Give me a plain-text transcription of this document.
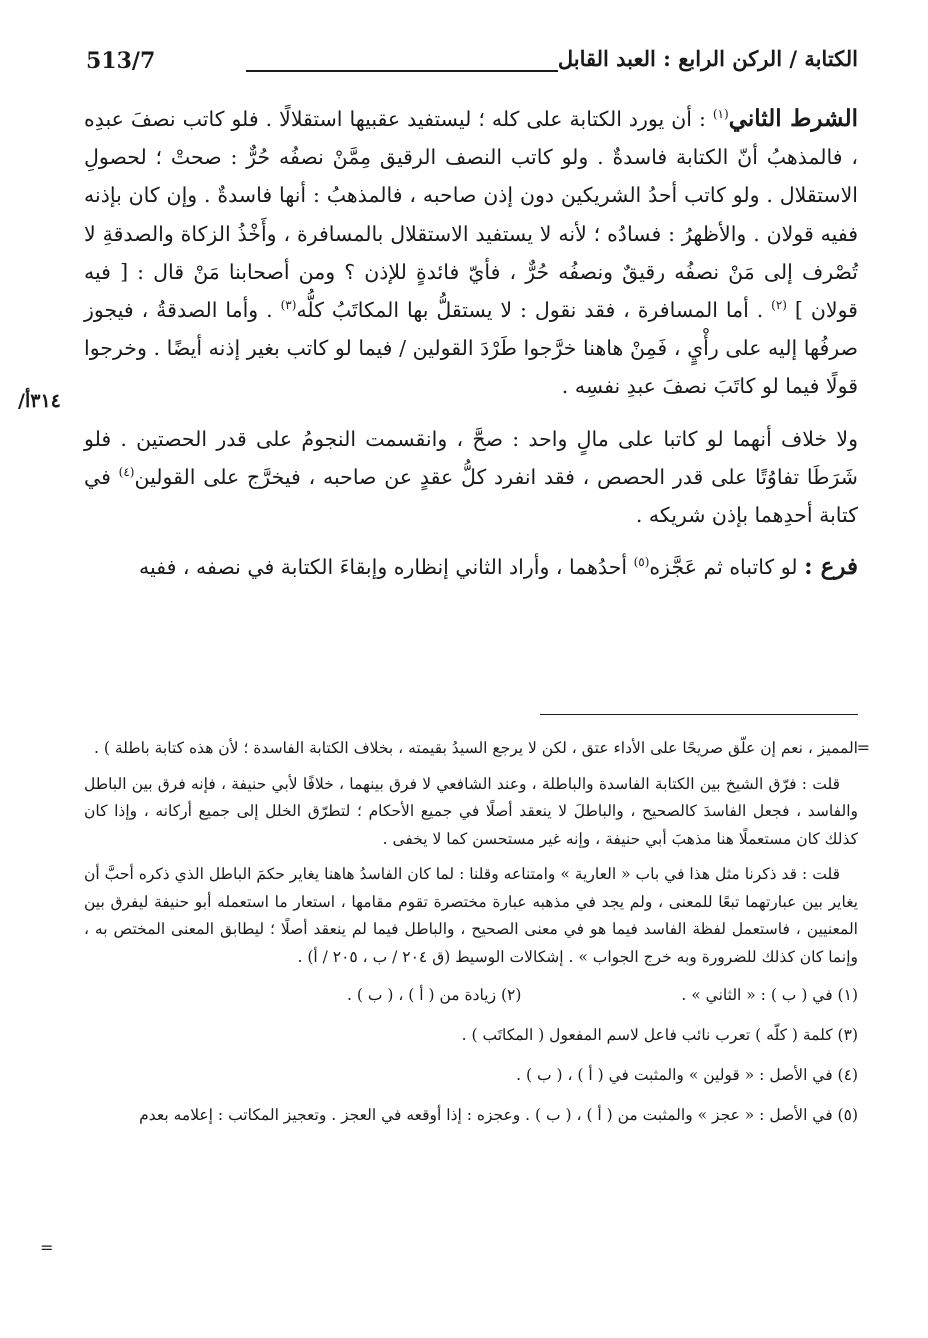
513/7	الكتابة / الركن الرابع : العبد القابل
/٣١٤أ

الشرط الثاني$^{(١)}$ : أن يورد الكتابة على كله ؛ ليستفيد عقبيها استقلالًا . فلو كاتب نصفَ عبدِه ، فالمذهبُ أنّ الكتابة فاسدةٌ . ولو كاتب النصف الرقيق مِمَّنْ نصفُه حُرٌّ : صحتْ ؛ لحصولِ الاستقلال . ولو كاتب أحدُ الشريكين دون إذن صاحبه ، فالمذهبُ : أنها فاسدةٌ . وإن كان بإذنه ففيه قولان . والأظهرُ : فسادُه ؛ لأنه لا يستفيد الاستقلال بالمسافرة ، وأَخْذُ الزكاة والصدقةِ لا تُصْرف إلى مَنْ نصفُه رقيقٌ ونصفُه حُرٌّ ، فأيّ فائدةٍ للإذن ؟ ومن أصحابنا مَنْ قال : [ فيه قولان ] $^{(٢)}$ . أما المسافرة ، فقد نقول : لا يستقلُّ بها المكاتَبُ كلُّه$^{(٣)}$ . وأما الصدقةُ ، فيجوز صرفُها إليه على رأْيٍ ، فَمِنْ هاهنا خرَّجوا طَرْدَ القولين / فيما لو كاتب بغير إذنه أيضًا . وخرجوا قولًا فيما لو كاتَبَ نصفَ عبدِ نفسِه .

ولا خلاف أنهما لو كاتبا على مالٍ واحد : صحَّ ، وانقسمت النجومُ على قدر الحصتين . فلو شَرَطَا تفاوُتًا على قدر الحصص ، فقد انفرد كلُّ عقدٍ عن صاحبه ، فيخرَّج على القولين$^{(٤)}$ في كتابة أحدِهما بإذن شريكه .

فرع : لو كاتباه ثم عَجَّزه$^{(٥)}$ أحدُهما ، وأراد الثاني إنظاره وإبقاءَ الكتابة في نصفه ، ففيه

=

المميز ، نعم إن علّق صريحًا على الأداء عتق ، لكن لا يرجع السيدُ بقيمته ، بخلاف الكتابة الفاسدة ؛ لأن هذه كتابة باطلة ) .

قلت : فرّق الشيخ بين الكتابة الفاسدة والباطلة ، وعند الشافعي لا فرق بينهما ، خلافًا لأبي حنيفة ، فإنه فرق بين الباطل والفاسد ، فجعل الفاسدَ كالصحيح ، والباطلَ لا ينعقد أصلًا في جميع الأحكام ؛ لتطرّق الخلل إلى جميع أركانه ، وإذا كان كذلك كان مستعملًا هنا مذهبَ أبي حنيفة ، وإنه غير مستحسن كما لا يخفى .

قلت : قد ذكرنا مثل هذا في باب « العارية » وامتناعه وقلنا : لما كان الفاسدُ هاهنا يغاير حكمَ الباطل الذي ذكره أحبَّ أن يغاير بين عبارتهما تبعًا للمعنى ، ولم يجد في مذهبه عبارة مختصرة تقوم مقامها ، استعار ما استعمله أبو حنيفة ليفرق بين المعنيين ، فاستعمل لفظة الفاسد فيما هو في معنى الصحيح ، والباطل فيما لم ينعقد أصلًا ؛ ليطابق المعنى المختص به ، وإنما كان كذلك للضرورة وبه خرج الجواب » . إشكالات الوسيط (ق ٢٠٤ / ب ، ٢٠٥ / أ) .

(١) في ( ب ) : « الثاني » .

(٢) زيادة من ( أ ) ، ( ب ) .

(٣) كلمة ( كلّه ) تعرب نائب فاعل لاسم المفعول ( المكاتَب ) .

(٤) في الأصل : « قولين » والمثبت في ( أ ) ، ( ب ) .

(٥) في الأصل : « عجز » والمثبت من ( أ ) ، ( ب ) . وعجزه : إذا أوقعه في العجز . وتعجيز المكاتب : إعلامه بعدم

=
